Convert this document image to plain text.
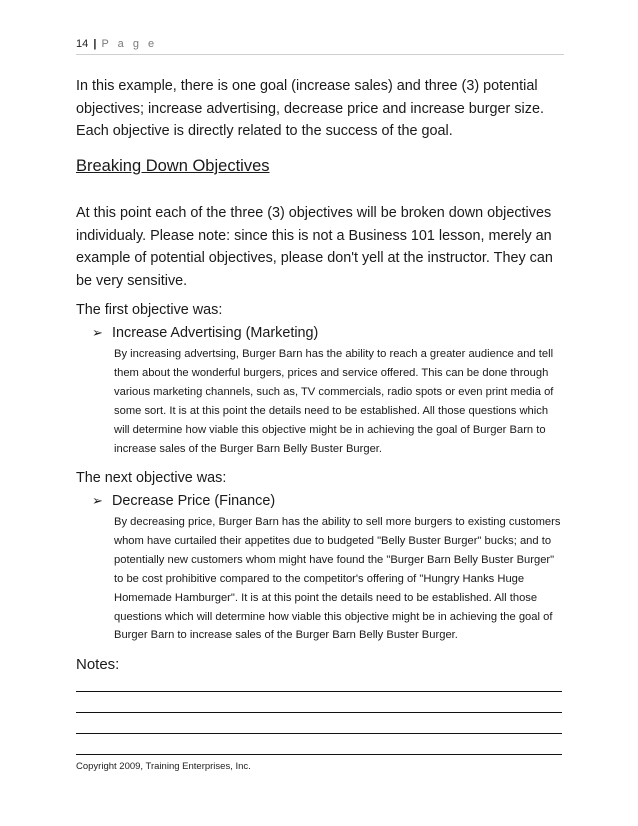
14 | P a g e

In this example, there is one goal (increase sales) and three (3) potential objectives; increase advertising, decrease price and increase burger size. Each objective is directly related to the success of the goal.

Breaking Down Objectives

At this point each of the three (3) objectives will be broken down objectives individualy. Please note: since this is not a Business 101 lesson, merely an example of potential objectives, please don't yell at the instructor. They can be very sensitive.

The first objective was:

➢ Increase Advertising (Marketing)

By increasing advertsing, Burger Barn has the ability to reach a greater audience and tell them about the wonderful burgers, prices and service offered. This can be done through various marketing channels, such as, TV commercials, radio spots or even print media of some sort. It is at this point the details need to be established. All those questions which will determine how viable this objective might be in achieving the goal of Burger Barn to increase sales of the Burger Barn Belly Buster Burger.

The next objective was:

➢ Decrease Price (Finance)

By decreasing price, Burger Barn has the ability to sell more burgers to existing customers whom have curtailed their appetites due to budgeted "Belly Buster Burger" bucks; and to potentially new customers whom might have found the "Burger Barn Belly Buster Burger" to be cost prohibitive compared to the competitor's offering of "Hungry Hanks Huge Homemade Hamburger". It is at this point the details need to be established. All those questions which will determine how viable this objective might be in achieving the goal of Burger Barn to increase sales of the Burger Barn Belly Buster Burger.

Notes:

Copyright 2009, Training Enterprises, Inc.
